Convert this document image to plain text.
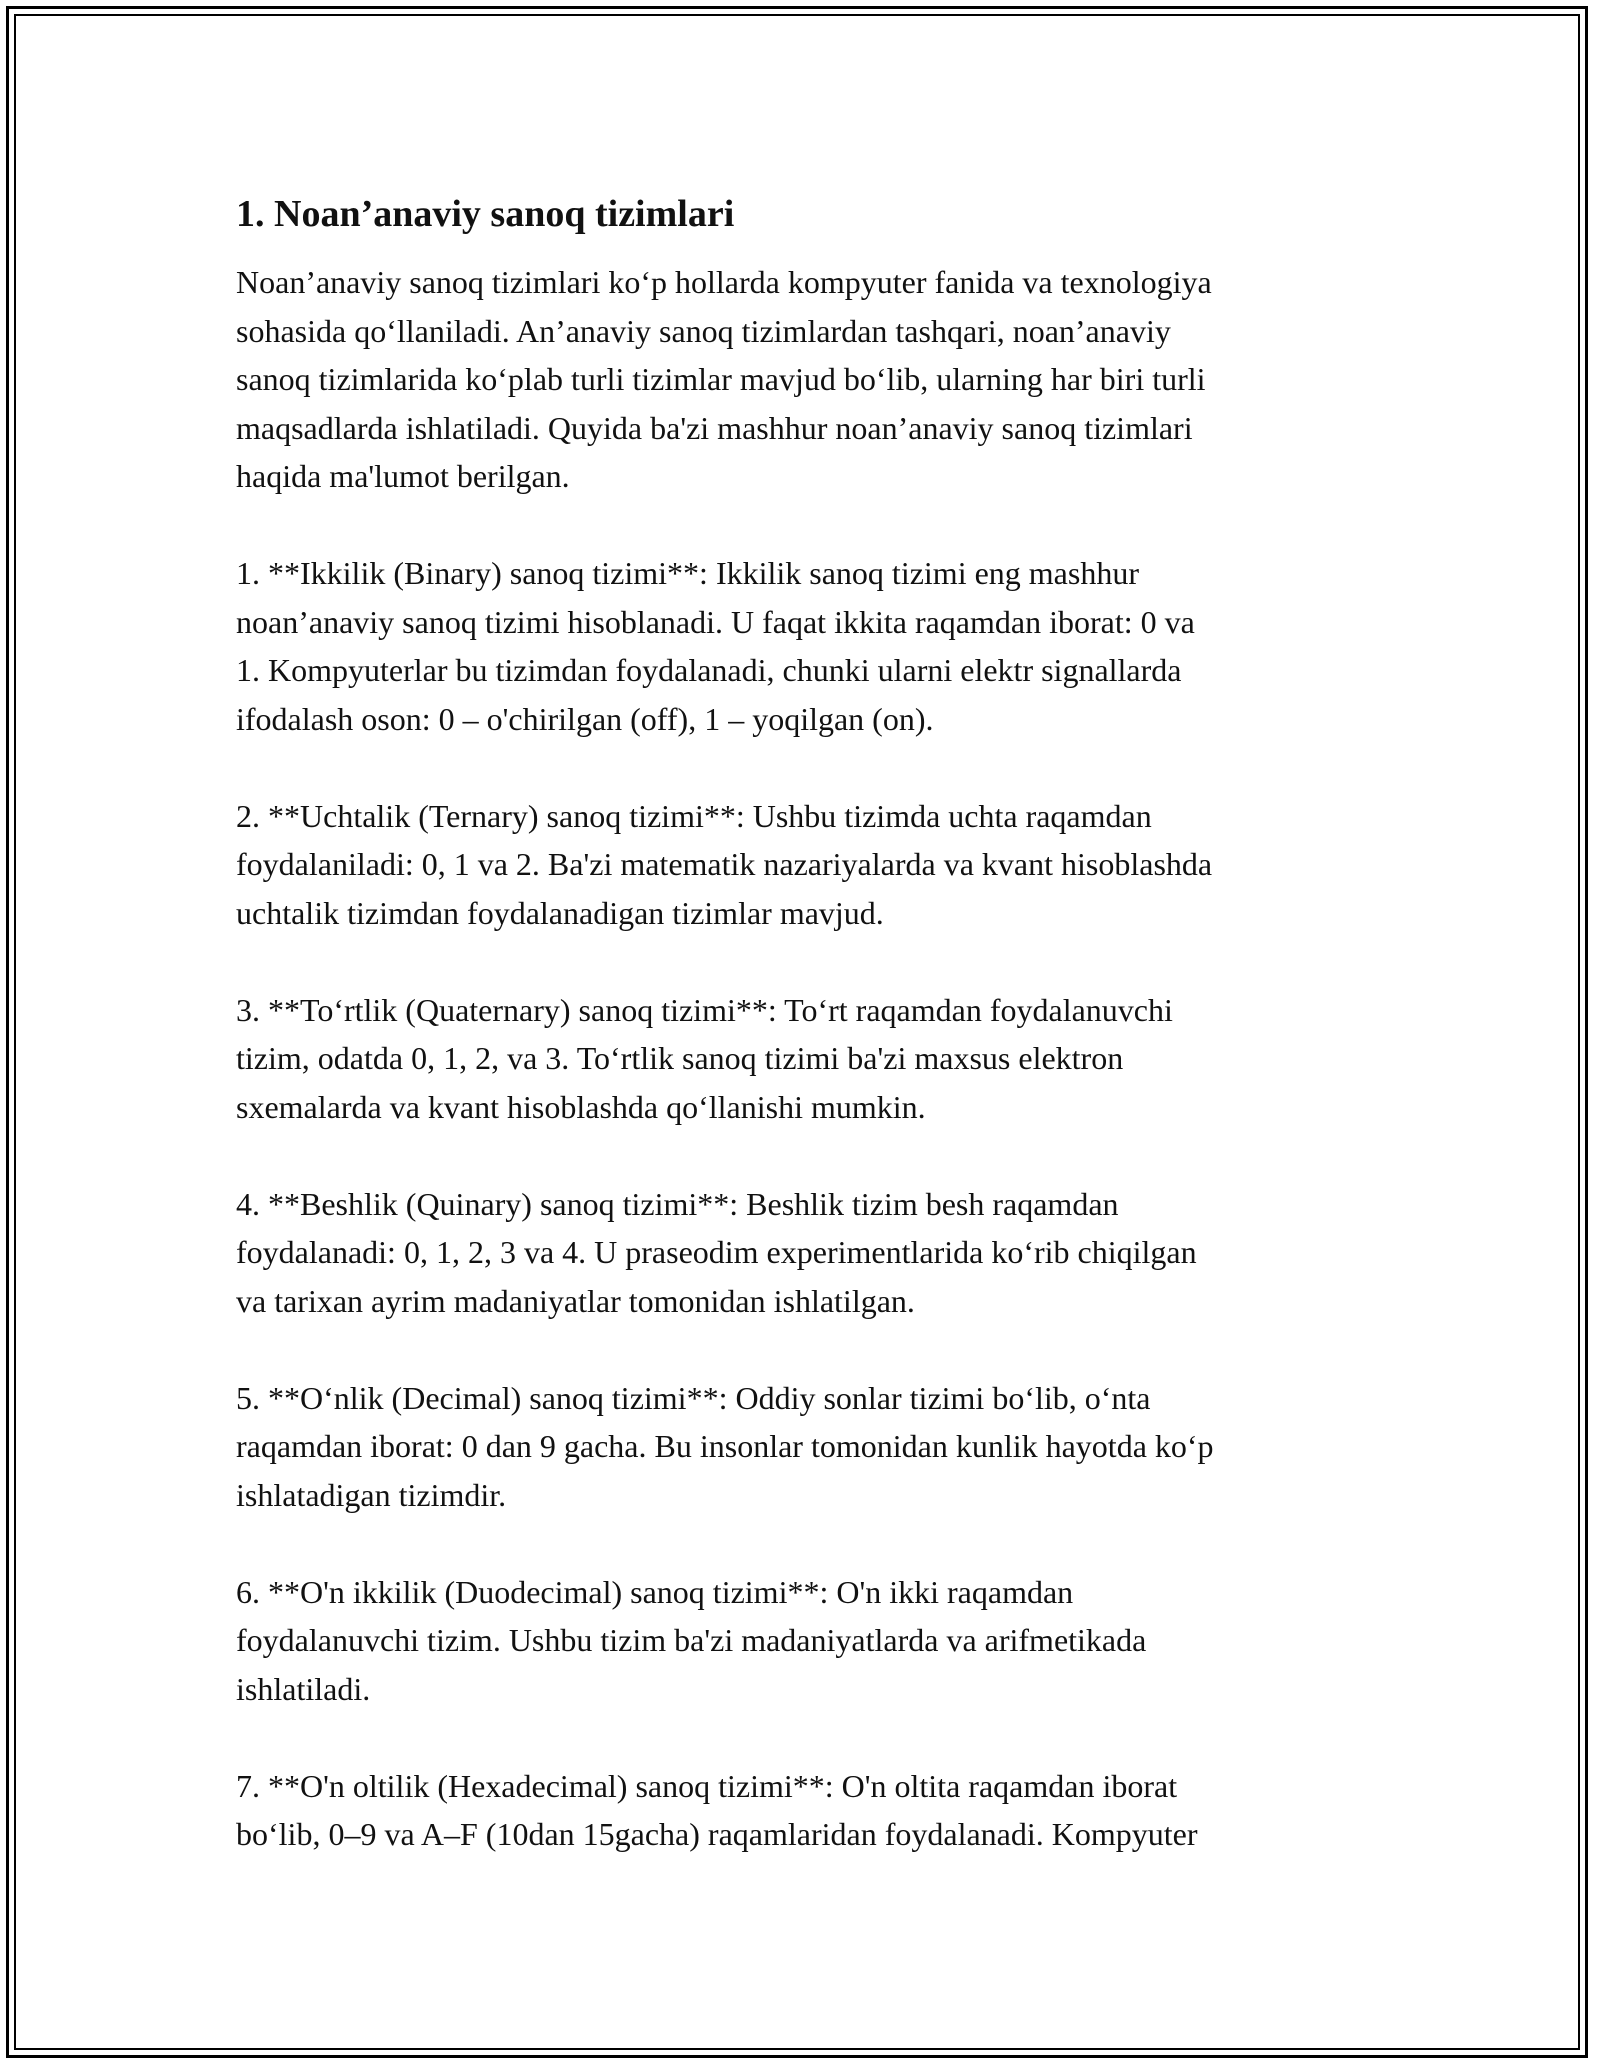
1. Noan’anaviy sanoq tizimlari

Noan’anaviy sanoq tizimlari ko‘p hollarda kompyuter fanida va texnologiya
sohasida qo‘llaniladi. An’anaviy sanoq tizimlardan tashqari, noan’anaviy
sanoq tizimlarida ko‘plab turli tizimlar mavjud bo‘lib, ularning har biri turli
maqsadlarda ishlatiladi. Quyida ba'zi mashhur noan’anaviy sanoq tizimlari
haqida ma'lumot berilgan.

1. **Ikkilik (Binary) sanoq tizimi**: Ikkilik sanoq tizimi eng mashhur
noan’anaviy sanoq tizimi hisoblanadi. U faqat ikkita raqamdan iborat: 0 va
1. Kompyuterlar bu tizimdan foydalanadi, chunki ularni elektr signallarda
ifodalash oson: 0 – o'chirilgan (off), 1 – yoqilgan (on).

2. **Uchtalik (Ternary) sanoq tizimi**: Ushbu tizimda uchta raqamdan
foydalaniladi: 0, 1 va 2. Ba'zi matematik nazariyalarda va kvant hisoblashda
uchtalik tizimdan foydalanadigan tizimlar mavjud.

3. **To‘rtlik (Quaternary) sanoq tizimi**: To‘rt raqamdan foydalanuvchi
tizim, odatda 0, 1, 2, va 3. To‘rtlik sanoq tizimi ba'zi maxsus elektron
sxemalarda va kvant hisoblashda qo‘llanishi mumkin.

4. **Beshlik (Quinary) sanoq tizimi**: Beshlik tizim besh raqamdan
foydalanadi: 0, 1, 2, 3 va 4. U praseodim experimentlarida ko‘rib chiqilgan
va tarixan ayrim madaniyatlar tomonidan ishlatilgan.

5. **O‘nlik (Decimal) sanoq tizimi**: Oddiy sonlar tizimi bo‘lib, o‘nta
raqamdan iborat: 0 dan 9 gacha. Bu insonlar tomonidan kunlik hayotda ko‘p
ishlatadigan tizimdir.

6. **O'n ikkilik (Duodecimal) sanoq tizimi**: O'n ikki raqamdan
foydalanuvchi tizim. Ushbu tizim ba'zi madaniyatlarda va arifmetikada
ishlatiladi.

7. **O'n oltilik (Hexadecimal) sanoq tizimi**: O'n oltita raqamdan iborat
bo‘lib, 0–9 va A–F (10dan 15gacha) raqamlaridan foydalanadi. Kompyuter
